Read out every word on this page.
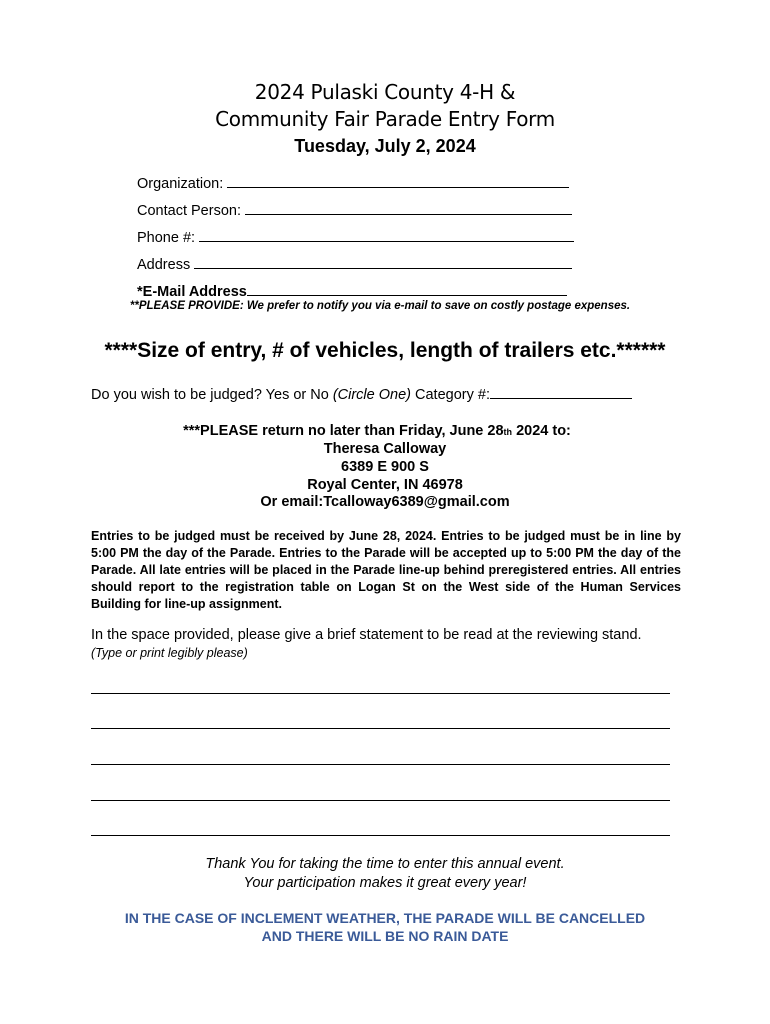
2024 Pulaski County 4-H &
Community Fair Parade Entry Form
Tuesday, July 2, 2024
Organization:
Contact Person:
Phone #:
Address
*E-Mail Address
**PLEASE PROVIDE: We prefer to notify you via e-mail to save on costly postage expenses.
****Size of entry, # of vehicles, length of trailers etc.******
Do you wish to be judged? Yes or No (Circle One) Category #:
***PLEASE return no later than Friday, June 28th 2024 to:
Theresa Calloway
6389 E 900 S
Royal Center, IN 46978
Or email:Tcalloway6389@gmail.com
Entries to be judged must be received by June 28, 2024. Entries to be judged must be in line by 5:00 PM the day of the Parade. Entries to the Parade will be accepted up to 5:00 PM the day of the Parade. All late entries will be placed in the Parade line-up behind preregistered entries. All entries should report to the registration table on Logan St on the West side of the Human Services Building for line-up assignment.
In the space provided, please give a brief statement to be read at the reviewing stand.
(Type or print legibly please)
Thank You for taking the time to enter this annual event.
Your participation makes it great every year!
IN THE CASE OF INCLEMENT WEATHER, THE PARADE WILL BE CANCELLED
AND THERE WILL BE NO RAIN DATE
